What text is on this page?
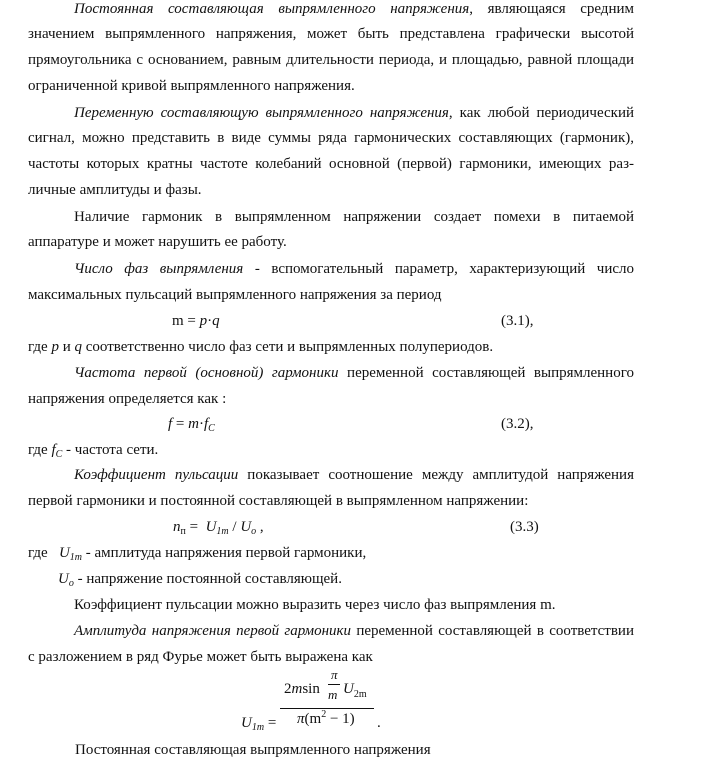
Постоянная составляющая выпрямленного напряжения, являющаяся средним
значением выпрямленного напряжения, может быть представлена графически высотой
прямоугольника с основанием, равным длительности периода, и площадью, равной площади
ограниченной кривой выпрямленного напряжения.
Переменную составляющую выпрямленного напряжения, как любой периодический
сигнал, можно представить в виде суммы ряда гармонических составляющих (гармоник),
частоты которых кратны частоте колебаний основной (первой) гармоники, имеющих раз-
личные амплитуды и фазы.
Наличие гармоник в выпрямленном напряжении создает помехи в питаемой
аппаратуре и может нарушить ее работу.
Число фаз выпрямления - вспомогательный параметр, характеризующий число
максимальных пульсаций выпрямленного напряжения за период
m = p·q	(3.1),
где p и q соответственно число фаз сети и выпрямленных полупериодов.
Частота первой (основной) гармоники переменной составляющей выпрямленного
напряжения определяется как :
$f = m\cdot f_C$	(3.2),
где $f_C$ - частота сети.
Коэффициент пульсации показывает соотношение между амплитудой напряжения
первой гармоники и постоянной составляющей в выпрямленном напряжении:
$n_п = U_{1m} / U_o$ ,	(3.3)
где $U_{1m}$ - амплитуда напряжения первой гармоники,
$U_o$ - напряжение постоянной составляющей.
Коэффициент пульсации можно выразить через число фаз выпрямления m.
Амплитуда напряжения первой гармоники переменной составляющей в соответствии
с разложением в ряд Фурье может быть выражена как
$U_{1m}$ =
2msin
π
m $U_{2m}$
$\pi(m^2 - 1)$ .
Постоянная составляющая выпрямленного напряжения
